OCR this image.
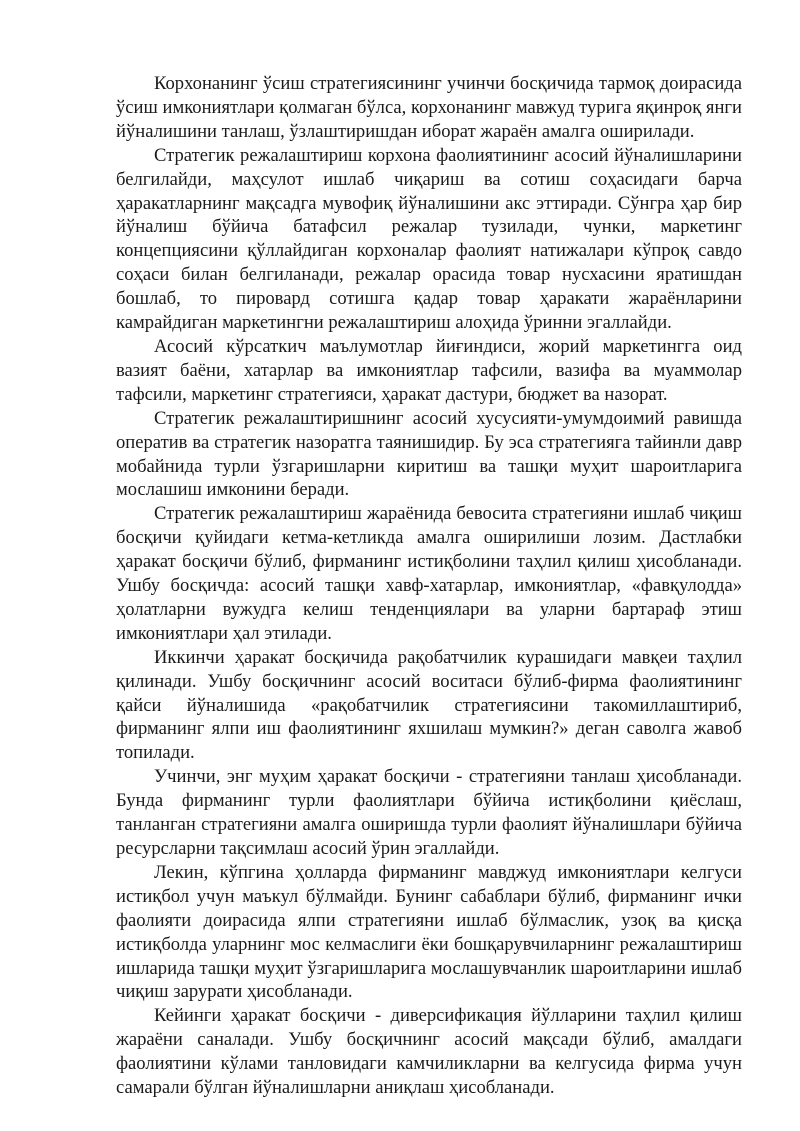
Корхонанинг ўсиш стратегиясининг учинчи босқичида тармоқ доирасида ўсиш имкониятлари қолмаган бўлса, корхонанинг мавжуд турига яқинроқ янги йўналишини танлаш, ўзлаштиришдан иборат жараён амалга оширилади.

Стратегик режалаштириш корхона фаолиятининг асосий йўналишларини белгилайди, маҳсулот ишлаб чиқариш ва сотиш соҳасидаги барча ҳаракатларнинг мақсадга мувофиқ йўналишини акс эттиради. Сўнгра ҳар бир йўналиш бўйича батафсил режалар тузилади, чунки, маркетинг концепциясини қўллайдиган корхоналар фаолият натижалари кўпроқ савдо соҳаси билан белгиланади, режалар орасида товар нусхасини яратишдан бошлаб, то пировард сотишга қадар товар ҳаракати жараёнларини камрайдиган маркетингни режалаштириш алоҳида ўринни эгаллайди.

Асосий кўрсаткич маълумотлар йиғиндиси, жорий маркетингга оид вазият баёни, хатарлар ва имкониятлар тафсили, вазифа ва муаммолар тафсили, маркетинг стратегияси, ҳаракат дастури, бюджет ва назорат.

Стратегик режалаштиришнинг асосий хусусияти-умумдоимий равишда оператив ва стратегик назоратга таянишидир. Бу эса стратегияга тайинли давр мобайнида турли ўзгаришларни киритиш ва ташқи муҳит шароитларига мослашиш имконини беради.

Стратегик режалаштириш жараёнида бевосита стратегияни ишлаб чиқиш босқичи қуйидаги кетма-кетликда амалга оширилиши лозим. Дастлабки ҳаракат босқичи бўлиб, фирманинг истиқболини таҳлил қилиш ҳисобланади. Ушбу босқичда: асосий ташқи хавф-хатарлар, имкониятлар, «фавқулодда» ҳолатларни вужудга келиш тенденциялари ва уларни бартараф этиш имкониятлари ҳал этилади.

Иккинчи ҳаракат босқичида рақобатчилик курашидаги мавқеи таҳлил қилинади. Ушбу босқичнинг асосий воситаси бўлиб-фирма фаолиятининг қайси йўналишида «рақобатчилик стратегиясини такомиллаштириб, фирманинг ялпи иш фаолиятининг яхшилаш мумкин?» деган саволга жавоб топилади.

Учинчи, энг муҳим ҳаракат босқичи - стратегияни танлаш ҳисобланади. Бунда фирманинг турли фаолиятлари бўйича истиқболини қиёслаш, танланган стратегияни амалга оширишда турли фаолият йўналишлари бўйича ресурсларни тақсимлаш асосий ўрин эгаллайди.

Лекин, кўпгина ҳолларда фирманинг мавджуд имкониятлари келгуси истиқбол учун маъкул бўлмайди. Бунинг сабаблари бўлиб, фирманинг ички фаолияти доирасида ялпи стратегияни ишлаб бўлмаслик, узоқ ва қисқа истиқболда уларнинг мос келмаслиги ёки бошқарувчиларнинг режалаштириш ишларида ташқи муҳит ўзгаришларига мослашувчанлик шароитларини ишлаб чиқиш зарурати ҳисобланади.

Кейинги ҳаракат босқичи - диверсификация йўлларини таҳлил қилиш жараёни саналади. Ушбу босқичнинг асосий мақсади бўлиб, амалдаги фаолиятини кўлами танловидаги камчиликларни ва келгусида фирма учун самарали бўлган йўналишларни аниқлаш ҳисобланади.
